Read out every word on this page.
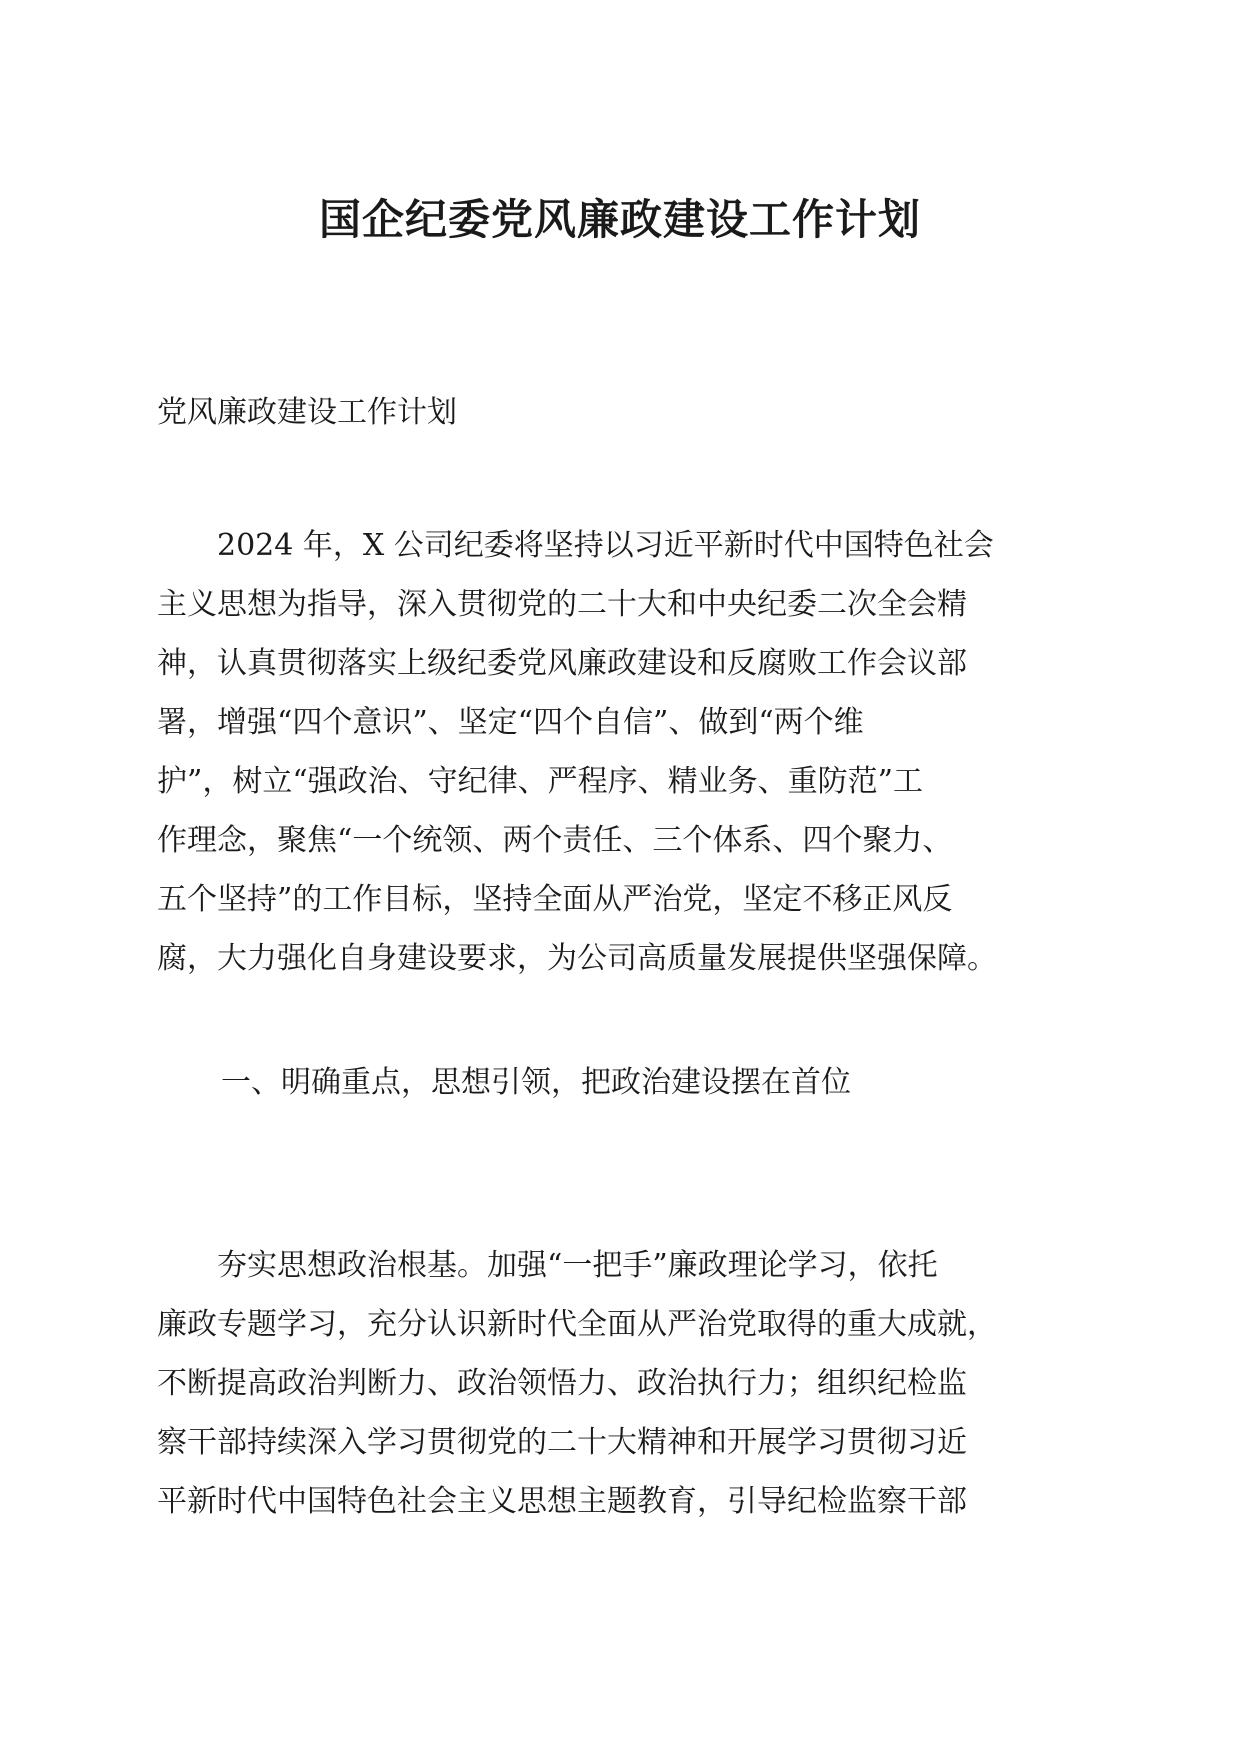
国企纪委党风廉政建设工作计划

党风廉政建设工作计划

　　2024 年，X 公司纪委将坚持以习近平新时代中国特色社会
主义思想为指导，深入贯彻党的二十大和中央纪委二次全会精
神，认真贯彻落实上级纪委党风廉政建设和反腐败工作会议部
署，增强“四个意识”、坚定“四个自信”、做到“两个维
护”，树立“强政治、守纪律、严程序、精业务、重防范”工
作理念，聚焦“一个统领、两个责任、三个体系、四个聚力、
五个坚持”的工作目标，坚持全面从严治党，坚定不移正风反
腐，大力强化自身建设要求，为公司高质量发展提供坚强保障。

一、明确重点，思想引领，把政治建设摆在首位

　　夯实思想政治根基。加强“一把手”廉政理论学习，依托
廉政专题学习，充分认识新时代全面从严治党取得的重大成就，
不断提高政治判断力、政治领悟力、政治执行力；组织纪检监
察干部持续深入学习贯彻党的二十大精神和开展学习贯彻习近
平新时代中国特色社会主义思想主题教育，引导纪检监察干部
